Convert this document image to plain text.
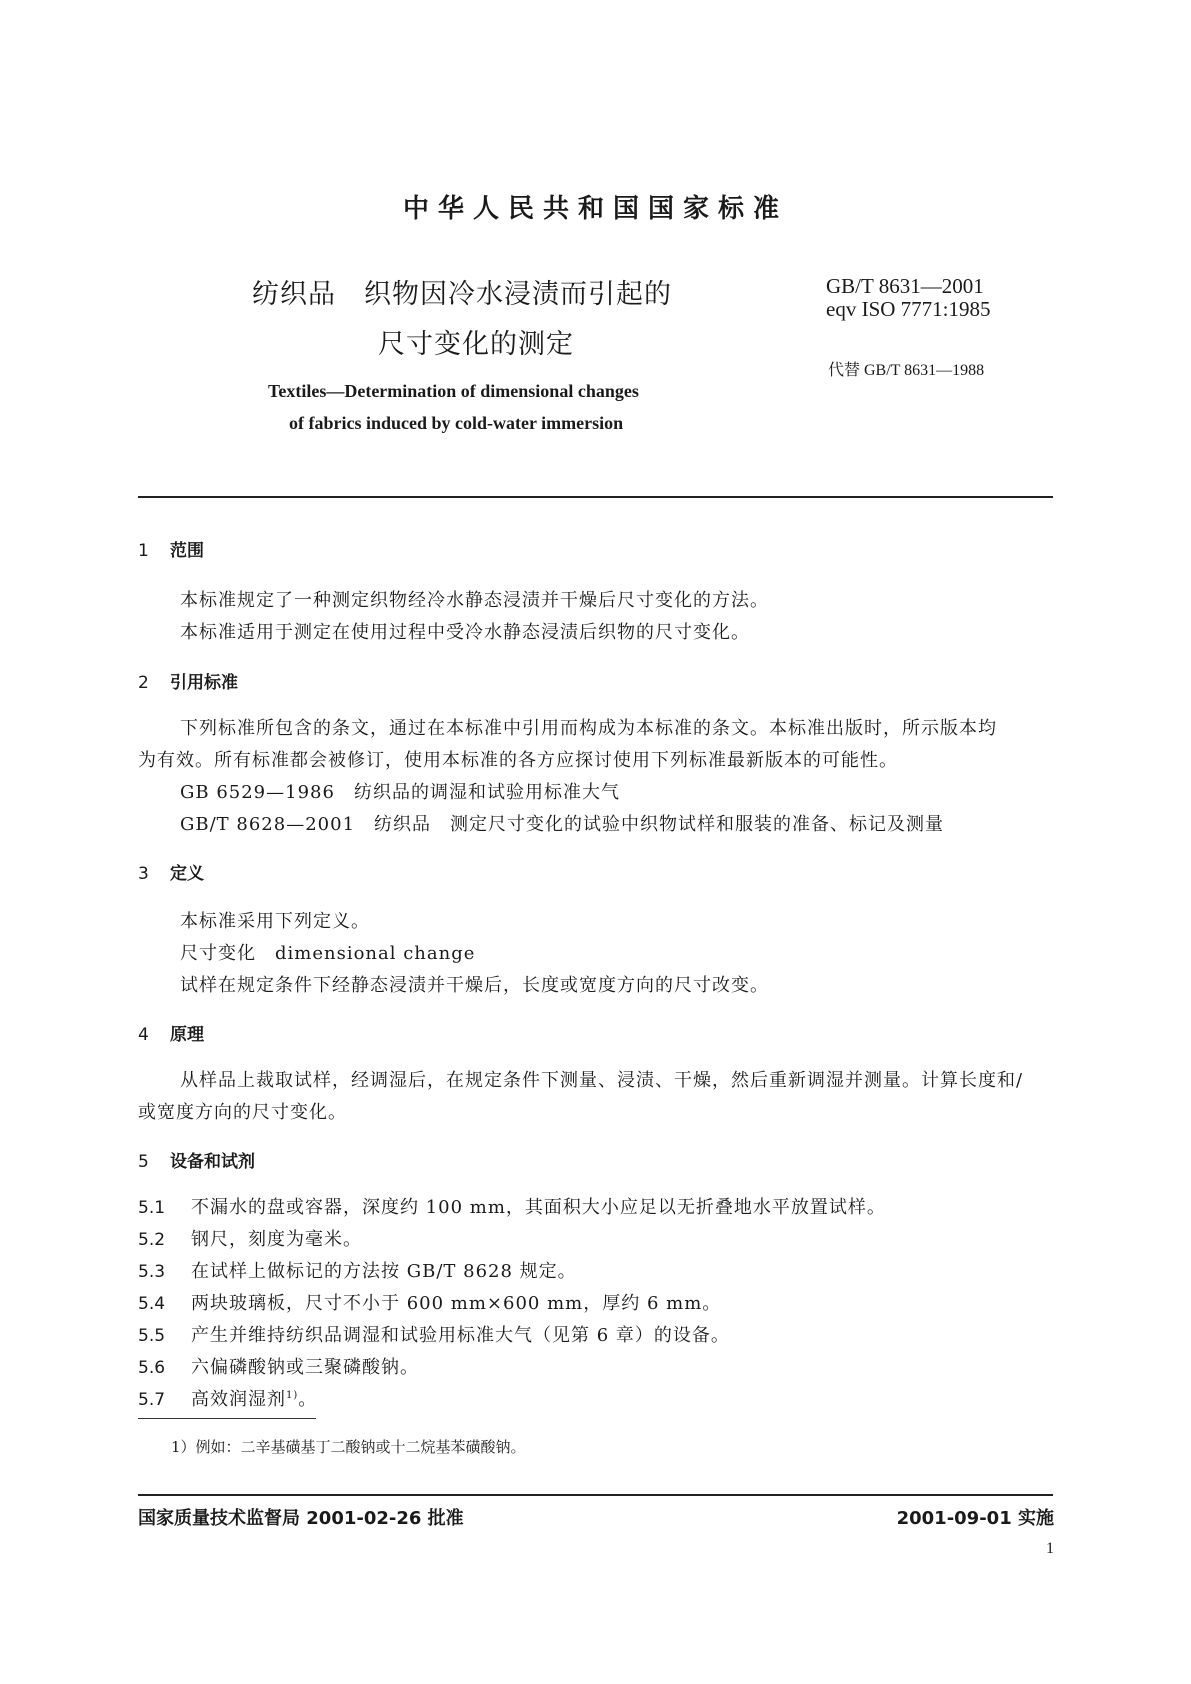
中华人民共和国国家标准
纺织品　织物因冷水浸渍而引起的
尺寸变化的测定
GB/T 8631—2001
eqv ISO 7771:1985
代替 GB/T 8631—1988
Textiles—Determination of dimensional changes
of fabrics induced by cold-water immersion
1 范围
本标准规定了一种测定织物经冷水静态浸渍并干燥后尺寸变化的方法。
本标准适用于测定在使用过程中受冷水静态浸渍后织物的尺寸变化。
2 引用标准
下列标准所包含的条文，通过在本标准中引用而构成为本标准的条文。本标准出版时，所示版本均
为有效。所有标准都会被修订，使用本标准的各方应探讨使用下列标准最新版本的可能性。
GB 6529—1986　纺织品的调湿和试验用标准大气
GB/T 8628—2001　纺织品　测定尺寸变化的试验中织物试样和服装的准备、标记及测量
3 定义
本标准采用下列定义。
尺寸变化　dimensional change
试样在规定条件下经静态浸渍并干燥后，长度或宽度方向的尺寸改变。
4 原理
从样品上裁取试样，经调湿后，在规定条件下测量、浸渍、干燥，然后重新调湿并测量。计算长度和/
或宽度方向的尺寸变化。
5 设备和试剂
5.1 不漏水的盘或容器，深度约 100 mm，其面积大小应足以无折叠地水平放置试样。
5.2 钢尺，刻度为毫米。
5.3 在试样上做标记的方法按 GB/T 8628 规定。
5.4 两块玻璃板，尺寸不小于 600 mm×600 mm，厚约 6 mm。
5.5 产生并维持纺织品调湿和试验用标准大气（见第 6 章）的设备。
5.6 六偏磷酸钠或三聚磷酸钠。
5.7 高效润湿剂$^{1)}$。
1）例如：二辛基磺基丁二酸钠或十二烷基苯磺酸钠。
国家质量技术监督局 2001-02-26 批准	2001-09-01 实施
1
